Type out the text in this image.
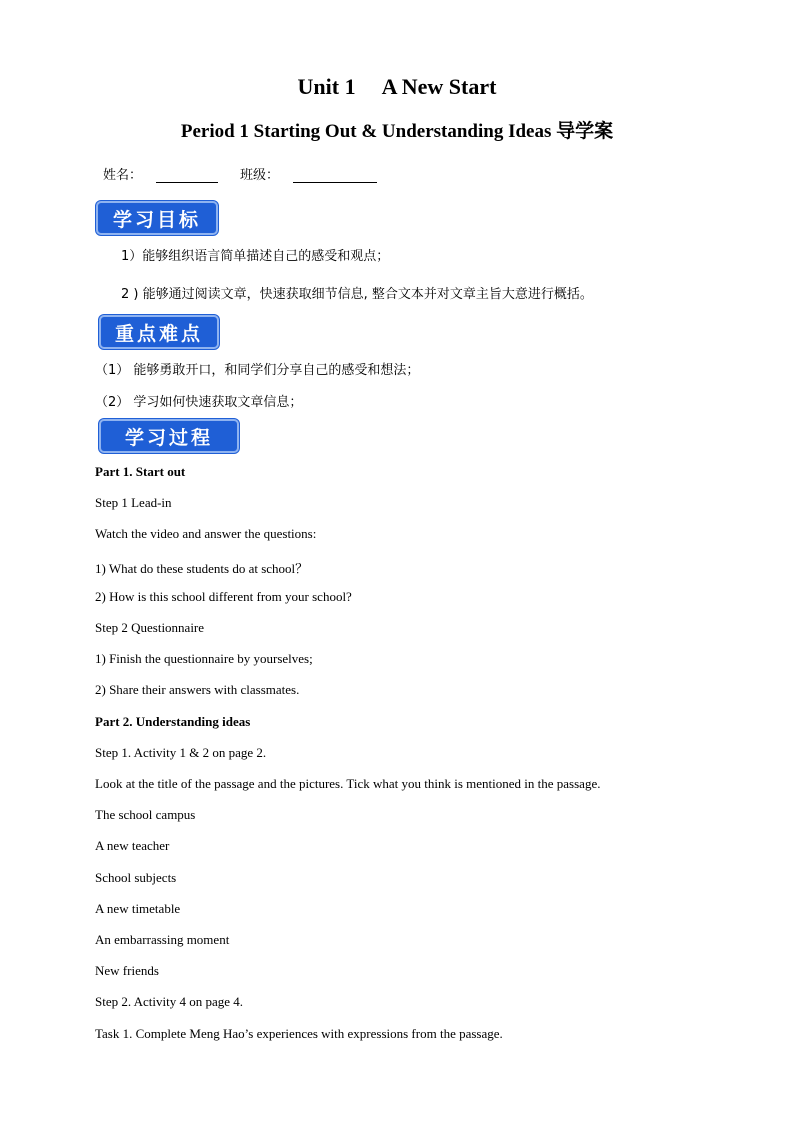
Unit 1 A New Start
Period 1 Starting Out & Understanding Ideas 导学案
姓名：	班级：
学习目标
1）能够组织语言简单描述自己的感受和观点；
2 ) 能够通过阅读文章，快速获取细节信息, 整合文本并对文章主旨大意进行概括。
重点难点
（1） 能够勇敢开口，和同学们分享自己的感受和想法；
（2） 学习如何快速获取文章信息；
学习过程
Part 1. Start out
Step 1 Lead-in
Watch the video and answer the questions:
1) What do these students do at school？
2) How is this school different from your school?
Step 2 Questionnaire
1) Finish the questionnaire by yourselves;
2) Share their answers with classmates.
Part 2. Understanding ideas
Step 1. Activity 1 & 2 on page 2.
Look at the title of the passage and the pictures. Tick what you think is mentioned in the passage.
The school campus
A new teacher
School subjects
A new timetable
An embarrassing moment
New friends
Step 2. Activity 4 on page 4.
Task 1. Complete Meng Hao’s experiences with expressions from the passage.
